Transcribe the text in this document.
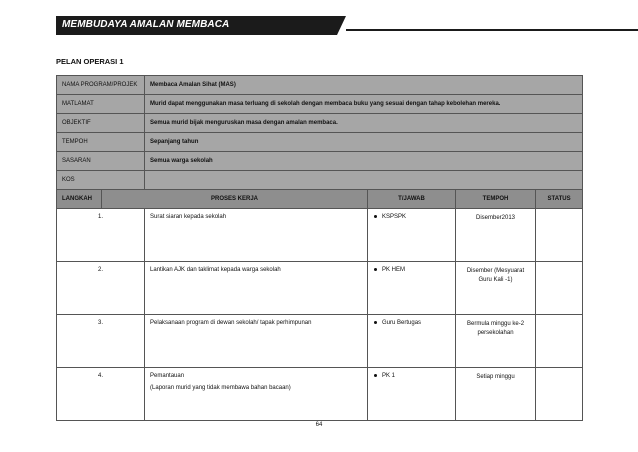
MEMBUDAYA AMALAN MEMBACA
PELAN OPERASI 1
NAMA PROGRAM/PROJEK		Membaca Amalan Sihat (MAS)			
MATLAMAT		Murid dapat menggunakan masa terluang di sekolah dengan membaca buku yang sesuai dengan tahap kebolehan mereka.			
OBJEKTIF		Semua murid bijak menguruskan masa dengan amalan membaca.			
TEMPOH		Sepanjang tahun			
SASARAN		Semua warga sekolah			
KOS					
LANGKAH	PROSES KERJA		T/JAWAB	TEMPOH	STATUS
1.		Surat siaran kepada sekolah	KSPSPK	Disember2013	

2.		Lantikan AJK dan taklimat kepada warga sekolah	PK HEM	Disember (Mesyuarat
Guru Kali -1)	

3.		Pelaksanaan program di dewan sekolah/ tapak perhimpunan	Guru Bertugas	Bermula minggu ke-2
persekolahan	

4.		Pemantauan
(Laporan murid yang tidak membawa bahan bacaan)	PK 1	Setiap minggu	

64
